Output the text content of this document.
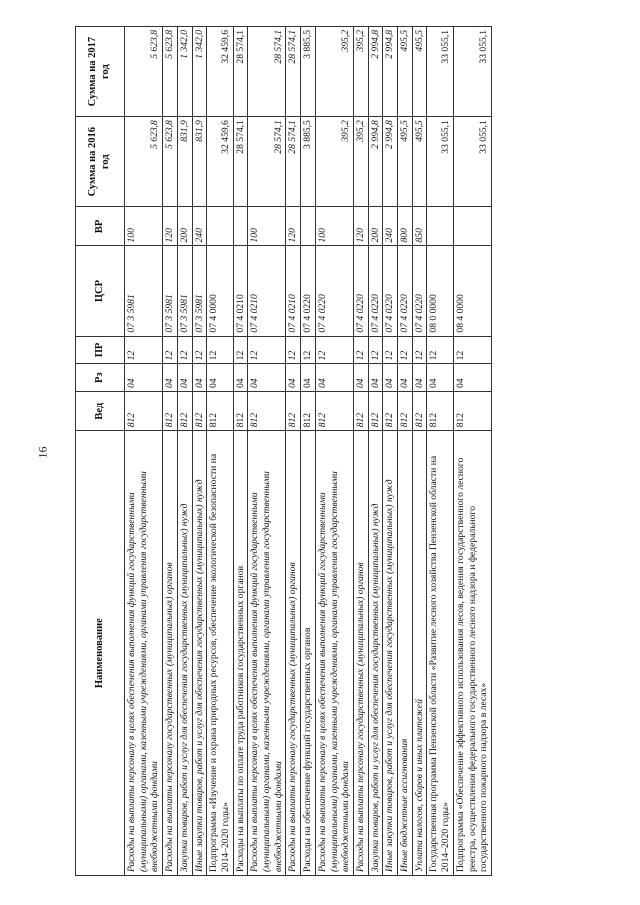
16
Наименование	Вед	Рз	ПР	ЦСР	ВР	Сумма на 2016 год	Сумма на 2017 год
Расходы на выплаты персоналу в целях обеспечения выполнения функций государственными (муниципальными) органами, казенными учреждениями, органами управления государственными внебюджетными фондами	812	04	12	07 3 5981	100	5 623,8	5 623,8
Расходы на выплаты персоналу государственных (муниципальных) органов	812	04	12	07 3 5981	120	5 623,8	5 623,8
Закупка товаров, работ и услуг для обеспечения государственных (муниципальных) нужд	812	04	12	07 3 5981	200	831,9	1 342,0
Иные закупки товаров, работ и услуг для обеспечения государственных (муниципальных) нужд	812	04	12	07 3 5981	240	831,9	1 342,0
Подпрограмма «Изучение и охрана природных ресурсов, обеспечение экологической безопасности на 2014–2020 годы»	812	04	12	07 4 0000		32 459,6	32 459,6
Расходы на выплаты по оплате труда работников государственных органов	812	04	12	07 4 0210		28 574,1	28 574,1
Расходы на выплаты персоналу в целях обеспечения выполнения функций государственными (муниципальными) органами, казенными учреждениями, органами управления государственными внебюджетными фондами	812	04	12	07 4 0210	100	28 574,1	28 574,1
Расходы на выплаты персоналу государственных (муниципальных) органов	812	04	12	07 4 0210	120	28 574,1	28 574,1
Расходы на обеспечение функций государственных органов	812	04	12	07 4 0220		3 885,5	3 885,5
Расходы на выплаты персоналу в целях обеспечения выполнения функций государственными (муниципальными) органами, казенными учреждениями, органами управления государственными внебюджетными фондами	812	04	12	07 4 0220	100	395,2	395,2
Расходы на выплаты персоналу государственных (муниципальных) органов	812	04	12	07 4 0220	120	395,2	395,2
Закупка товаров, работ и услуг для обеспечения государственных (муниципальных) нужд	812	04	12	07 4 0220	200	2 994,8	2 994,8
Иные закупки товаров, работ и услуг для обеспечения государственных (муниципальных) нужд	812	04	12	07 4 0220	240	2 994,8	2 994,8
Иные бюджетные ассигнования	812	04	12	07 4 0220	800	495,5	495,5
Уплата налогов, сборов и иных платежей	812	04	12	07 4 0220	850	495,5	495,5
Государственная программа Пензенской области «Развитие лесного хозяйства Пензенской области на 2014–2020 годы»	812	04	12	08 0 0000		33 055,1	33 055,1
Подпрограмма «Обеспечение эффективного использования лесов, ведения государственного лесного реестра, осуществления федерального государственного лесного надзора и федерального государственного пожарного надзора в лесах»	812	04	12	08 4 0000		33 055,1	33 055,1
